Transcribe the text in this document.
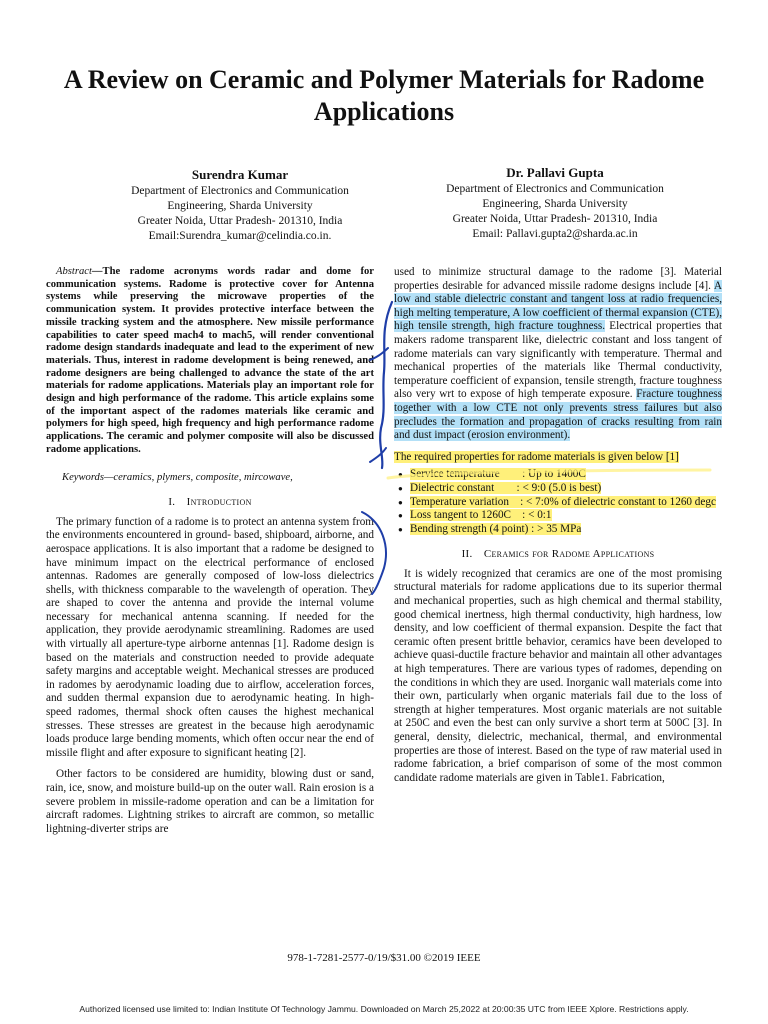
A Review on Ceramic and Polymer Materials for Radome Applications
Surendra Kumar
Department of Electronics and Communication
Engineering, Sharda University
Greater Noida, Uttar Pradesh- 201310, India
Email:Surendra_kumar@celindia.co.in.
Dr. Pallavi Gupta
Department of Electronics and Communication
Engineering, Sharda University
Greater Noida, Uttar Pradesh- 201310, India
Email: Pallavi.gupta2@sharda.ac.in

Abstract—The radome acronyms words radar and dome for communication systems. Radome is protective cover for Antenna systems while preserving the microwave properties of the communication system. It provides protective interface between the missile tracking system and the atmosphere. New missile performance capabilities to cater speed mach4 to mach5, will render conventional radome design standards inadequate and lead to the experiment of new materials. Thus, interest in radome development is being renewed, and radome designers are being challenged to advance the state of the art materials for radome applications. Materials play an important role for design and high performance of the radome. This article explains some of the important aspect of the radomes materials like ceramic and polymers for high speed, high frequency and high performance radome applications. The ceramic and polymer composite will also be discussed radome applications.

Keywords—ceramics, plymers, composite, mircowave,

I. Introduction

The primary function of a radome is to protect an antenna system from the environments encountered in ground- based, shipboard, airborne, and aerospace applications. It is also important that a radome be designed to have minimum impact on the electrical performance of enclosed antennas. Radomes are generally composed of low-loss dielectrics shells, with thickness comparable to the wavelength of operation. They are shaped to cover the antenna and provide the internal volume necessary for mechanical antenna scanning. If needed for the application, they provide aerodynamic streamlining. Radomes are used with virtually all aperture-type airborne antennas [1]. Radome design is based on the materials and construction needed to provide adequate safety margins and acceptable weight. Mechanical stresses are produced in radomes by aerodynamic loading due to airflow, acceleration forces, and sudden thermal expansion due to aerodynamic heating. In high-speed radomes, thermal shock often causes the highest mechanical stresses. These stresses are greatest in the because high aerodynamic loads produce large bending moments, which often occur near the end of missile flight and after exposure to significant heating [2].

Other factors to be considered are humidity, blowing dust or sand, rain, ice, snow, and moisture build-up on the outer wall. Rain erosion is a severe problem in missile-radome operation and can be a limitation for aircraft radomes. Lightning strikes to aircraft are common, so metallic lightning-diverter strips are

used to minimize structural damage to the radome [3]. Material properties desirable for advanced missile radome designs include [4]. A low and stable dielectric constant and tangent loss at radio frequencies, high melting temperature, A low coefficient of thermal expansion (CTE), high tensile strength, high fracture toughness. Electrical properties that makers radome transparent like, dielectric constant and loss tangent of radome materials can vary significantly with temperature. Thermal and mechanical properties of the materials like Thermal conductivity, temperature coefficient of expansion, tensile strength, fracture toughness also very wrt to expose of high temperate exposure. Fracture toughness together with a low CTE not only prevents stress failures but also precludes the formation and propagation of cracks resulting from rain and dust impact (erosion environment).

The required properties for radome materials is given below [1]

● Service temperature  : Up to 1400C
● Dielectric constant  : < 9:0 (5.0 is best)
● Temperature variation : < 7:0% of dielectric constant to 1260 degc
● Loss tangent to 1260C : < 0:1
● Bending strength (4 point) : > 35 MPa
II. Ceramics for Radome Applications

It is widely recognized that ceramics are one of the most promising structural materials for radome applications due to its superior thermal and mechanical properties, such as high chemical and thermal stability, good chemical inertness, high thermal conductivity, high hardness, low density, and low coefficient of thermal expansion. Despite the fact that ceramic often present brittle behavior, ceramics have been developed to achieve quasi-ductile fracture behavior and maintain all other advantages at high temperatures. There are various types of radomes, depending on the conditions in which they are used. Inorganic wall materials come into their own, particularly when organic materials fail due to the loss of strength at higher temperatures. Most organic materials are not suitable at 250C and even the best can only survive a short term at 500C [3]. In general, density, dielectric, mechanical, thermal, and environmental properties are those of interest. Based on the type of raw material used in radome fabrication, a brief comparison of some of the most common candidate radome materials are given in Table1. Fabrication,

978-1-7281-2577-0/19/$31.00 ©2019 IEEE
Authorized licensed use limited to: Indian Institute Of Technology Jammu. Downloaded on March 25,2022 at 20:00:35 UTC from IEEE Xplore. Restrictions apply.
